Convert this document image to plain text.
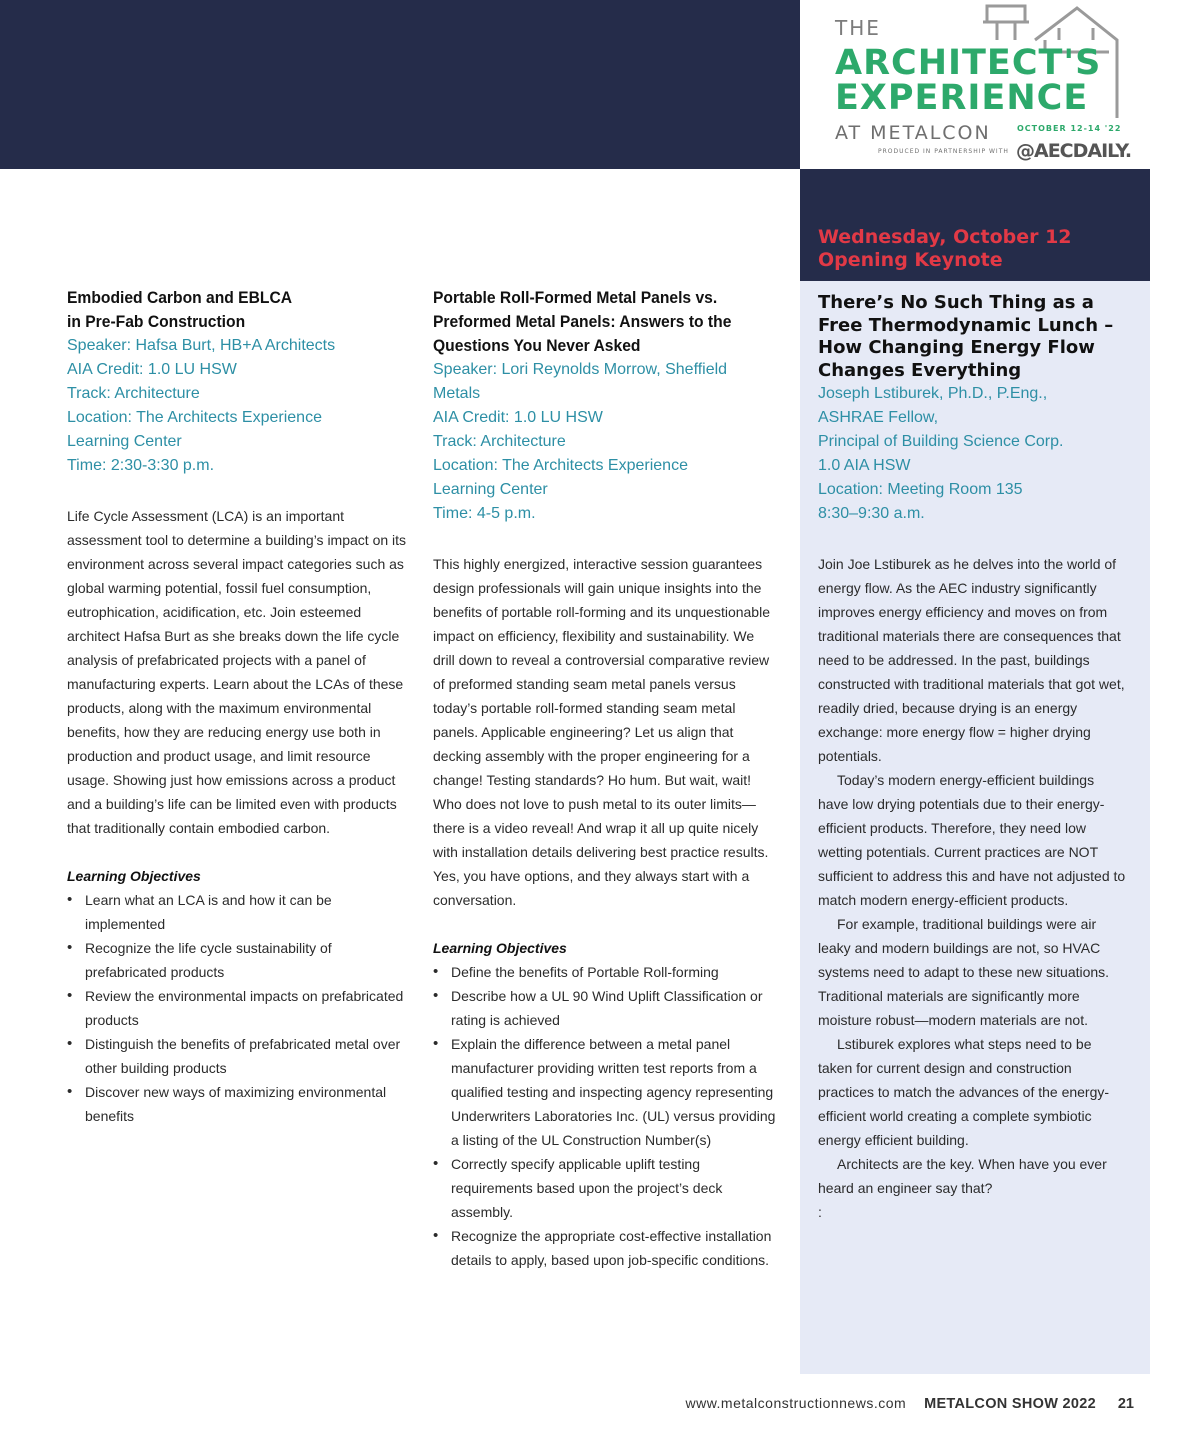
THE
ARCHITECT'S
EXPERIENCE
AT METALCON	OCTOBER 12-14 '22
PRODUCED IN PARTNERSHIP WITH @AECDAILY.
Wednesday, October 12
Opening Keynote
There’s No Such Thing as a Free Thermodynamic Lunch – How Changing Energy Flow Changes Everything
Joseph Lstiburek, Ph.D., P.Eng.,
ASHRAE Fellow,
Principal of Building Science Corp.
1.0 AIA HSW
Location: Meeting Room 135
8:30–9:30 a.m.

Join Joe Lstiburek as he delves into the world of energy flow. As the AEC industry significantly improves energy efficiency and moves on from traditional materials there are consequences that need to be addressed. In the past, buildings constructed with traditional materials that got wet, readily dried, because drying is an energy exchange: more energy flow = higher drying potentials.

Today’s modern energy-efficient buildings have low drying potentials due to their energy-efficient products. Therefore, they need low wetting potentials. Current practices are NOT sufficient to address this and have not adjusted to match modern energy-efficient products.

For example, traditional buildings were air leaky and modern buildings are not, so HVAC systems need to adapt to these new situations. Traditional materials are significantly more moisture robust—modern materials are not.

Lstiburek explores what steps need to be taken for current design and construction practices to match the advances of the energy-efficient world creating a complete symbiotic energy efficient building.

Architects are the key. When have you ever heard an engineer say that?

:
Embodied Carbon and EBLCA
in Pre-Fab Construction
Speaker: Hafsa Burt, HB+A Architects
AIA Credit: 1.0 LU HSW
Track: Architecture
Location: The Architects Experience Learning Center
Time: 2:30-3:30 p.m.

Life Cycle Assessment (LCA) is an important assessment tool to determine a building’s impact on its environment across several impact categories such as global warming potential, fossil fuel consumption, eutrophication, acidification, etc. Join esteemed architect Hafsa Burt as she breaks down the life cycle analysis of prefabricated projects with a panel of manufacturing experts. Learn about the LCAs of these products, along with the maximum environmental benefits, how they are reducing energy use both in production and product usage, and limit resource usage. Showing just how emissions across a product and a building’s life can be limited even with products that traditionally contain embodied carbon.

Learning Objectives
• Learn what an LCA is and how it can be implemented
• Recognize the life cycle sustainability of prefabricated products
• Review the environmental impacts on prefabricated products
• Distinguish the benefits of prefabricated metal over other building products
• Discover new ways of maximizing environmental benefits
Portable Roll-Formed Metal Panels vs. Preformed Metal Panels: Answers to the Questions You Never Asked
Speaker: Lori Reynolds Morrow, Sheffield Metals
AIA Credit: 1.0 LU HSW
Track: Architecture
Location: The Architects Experience Learning Center
Time: 4-5 p.m.

This highly energized, interactive session guarantees design professionals will gain unique insights into the benefits of portable roll-forming and its unquestionable impact on efficiency, flexibility and sustainability. We drill down to reveal a controversial comparative review of preformed standing seam metal panels versus today’s portable roll-formed standing seam metal panels. Applicable engineering? Let us align that decking assembly with the proper engineering for a change! Testing standards? Ho hum. But wait, wait! Who does not love to push metal to its outer limits—there is a video reveal! And wrap it all up quite nicely with installation details delivering best practice results. Yes, you have options, and they always start with a conversation.

Learning Objectives
• Define the benefits of Portable Roll-forming
• Describe how a UL 90 Wind Uplift Classification or rating is achieved
• Explain the difference between a metal panel manufacturer providing written test reports from a qualified testing and inspecting agency representing Underwriters Laboratories Inc. (UL) versus providing a listing of the UL Construction Number(s)
• Correctly specify applicable uplift testing requirements based upon the project’s deck assembly.
• Recognize the appropriate cost-effective installation details to apply, based upon job-specific conditions.
www.metalconstructionnews.com METALCON SHOW 2022 21
